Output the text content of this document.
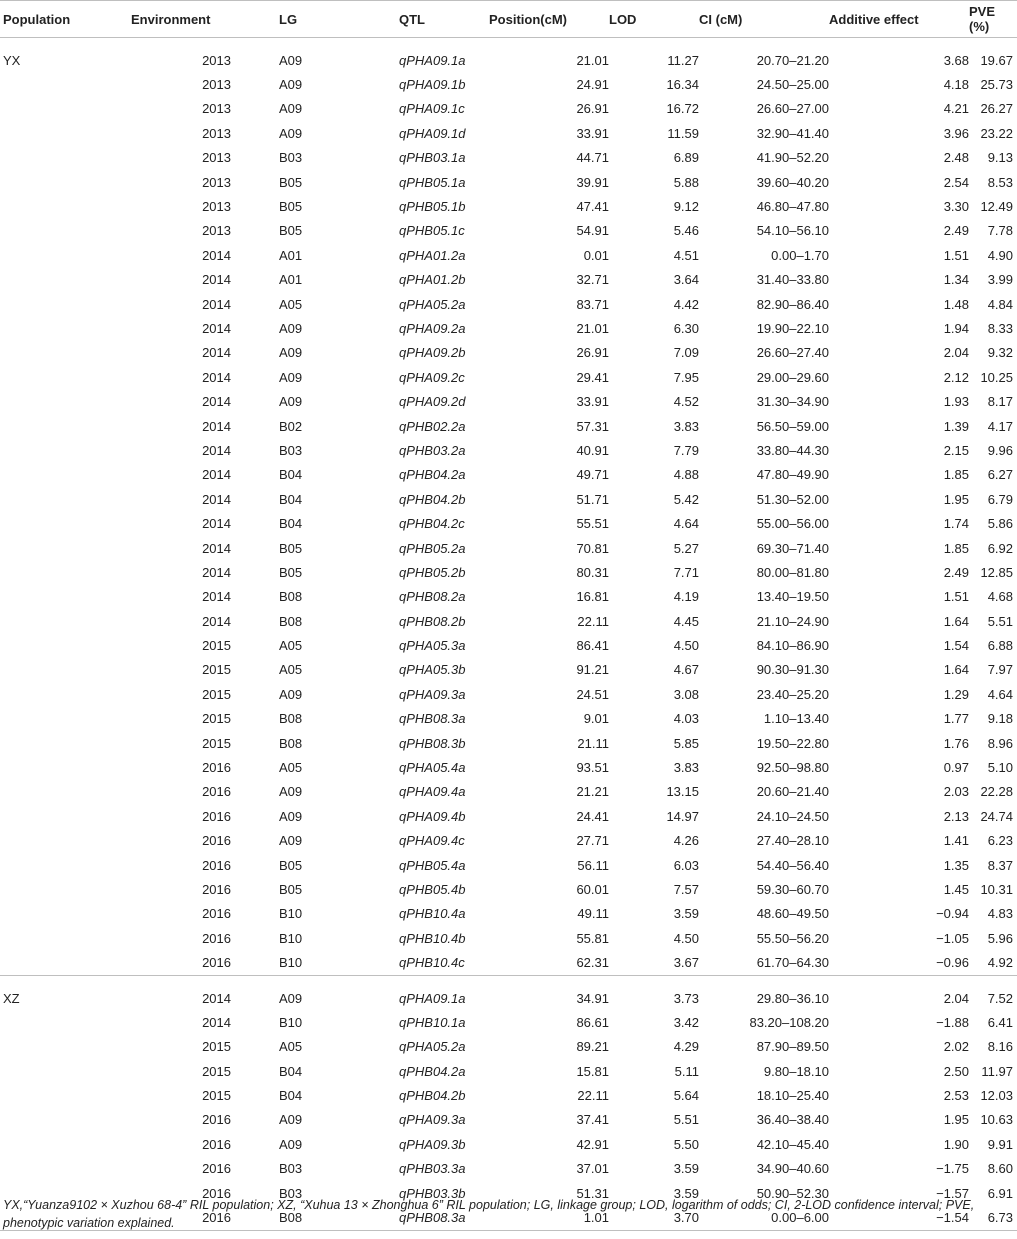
Population	Environment	LG	QTL	Position(cM)	LOD	CI (cM)	Additive effect	PVE (%)
YX	2013	A09	qPHA09.1a	21.01	11.27	20.70–21.20	3.68	19.67
	2013	A09	qPHA09.1b	24.91	16.34	24.50–25.00	4.18	25.73
	2013	A09	qPHA09.1c	26.91	16.72	26.60–27.00	4.21	26.27
	2013	A09	qPHA09.1d	33.91	11.59	32.90–41.40	3.96	23.22
	2013	B03	qPHB03.1a	44.71	6.89	41.90–52.20	2.48	9.13
	2013	B05	qPHB05.1a	39.91	5.88	39.60–40.20	2.54	8.53
	2013	B05	qPHB05.1b	47.41	9.12	46.80–47.80	3.30	12.49
	2013	B05	qPHB05.1c	54.91	5.46	54.10–56.10	2.49	7.78
	2014	A01	qPHA01.2a	0.01	4.51	0.00–1.70	1.51	4.90
	2014	A01	qPHA01.2b	32.71	3.64	31.40–33.80	1.34	3.99
	2014	A05	qPHA05.2a	83.71	4.42	82.90–86.40	1.48	4.84
	2014	A09	qPHA09.2a	21.01	6.30	19.90–22.10	1.94	8.33
	2014	A09	qPHA09.2b	26.91	7.09	26.60–27.40	2.04	9.32
	2014	A09	qPHA09.2c	29.41	7.95	29.00–29.60	2.12	10.25
	2014	A09	qPHA09.2d	33.91	4.52	31.30–34.90	1.93	8.17
	2014	B02	qPHB02.2a	57.31	3.83	56.50–59.00	1.39	4.17
	2014	B03	qPHB03.2a	40.91	7.79	33.80–44.30	2.15	9.96
	2014	B04	qPHB04.2a	49.71	4.88	47.80–49.90	1.85	6.27
	2014	B04	qPHB04.2b	51.71	5.42	51.30–52.00	1.95	6.79
	2014	B04	qPHB04.2c	55.51	4.64	55.00–56.00	1.74	5.86
	2014	B05	qPHB05.2a	70.81	5.27	69.30–71.40	1.85	6.92
	2014	B05	qPHB05.2b	80.31	7.71	80.00–81.80	2.49	12.85
	2014	B08	qPHB08.2a	16.81	4.19	13.40–19.50	1.51	4.68
	2014	B08	qPHB08.2b	22.11	4.45	21.10–24.90	1.64	5.51
	2015	A05	qPHA05.3a	86.41	4.50	84.10–86.90	1.54	6.88
	2015	A05	qPHA05.3b	91.21	4.67	90.30–91.30	1.64	7.97
	2015	A09	qPHA09.3a	24.51	3.08	23.40–25.20	1.29	4.64
	2015	B08	qPHB08.3a	9.01	4.03	1.10–13.40	1.77	9.18
	2015	B08	qPHB08.3b	21.11	5.85	19.50–22.80	1.76	8.96
	2016	A05	qPHA05.4a	93.51	3.83	92.50–98.80	0.97	5.10
	2016	A09	qPHA09.4a	21.21	13.15	20.60–21.40	2.03	22.28
	2016	A09	qPHA09.4b	24.41	14.97	24.10–24.50	2.13	24.74
	2016	A09	qPHA09.4c	27.71	4.26	27.40–28.10	1.41	6.23
	2016	B05	qPHB05.4a	56.11	6.03	54.40–56.40	1.35	8.37
	2016	B05	qPHB05.4b	60.01	7.57	59.30–60.70	1.45	10.31
	2016	B10	qPHB10.4a	49.11	3.59	48.60–49.50	−0.94	4.83
	2016	B10	qPHB10.4b	55.81	4.50	55.50–56.20	−1.05	5.96
	2016	B10	qPHB10.4c	62.31	3.67	61.70–64.30	−0.96	4.92
XZ	2014	A09	qPHA09.1a	34.91	3.73	29.80–36.10	2.04	7.52
	2014	B10	qPHB10.1a	86.61	3.42	83.20–108.20	−1.88	6.41
	2015	A05	qPHA05.2a	89.21	4.29	87.90–89.50	2.02	8.16
	2015	B04	qPHB04.2a	15.81	5.11	9.80–18.10	2.50	11.97
	2015	B04	qPHB04.2b	22.11	5.64	18.10–25.40	2.53	12.03
	2016	A09	qPHA09.3a	37.41	5.51	36.40–38.40	1.95	10.63
	2016	A09	qPHA09.3b	42.91	5.50	42.10–45.40	1.90	9.91
	2016	B03	qPHB03.3a	37.01	3.59	34.90–40.60	−1.75	8.60
	2016	B03	qPHB03.3b	51.31	3.59	50.90–52.30	−1.57	6.91
	2016	B08	qPHB08.3a	1.01	3.70	0.00–6.00	−1.54	6.73
YX,“Yuanza9102 × Xuzhou 68-4” RIL population; XZ, “Xuhua 13 × Zhonghua 6” RIL population; LG, linkage group; LOD, logarithm of odds; CI, 2-LOD confidence interval; PVE, phenotypic variation explained.
